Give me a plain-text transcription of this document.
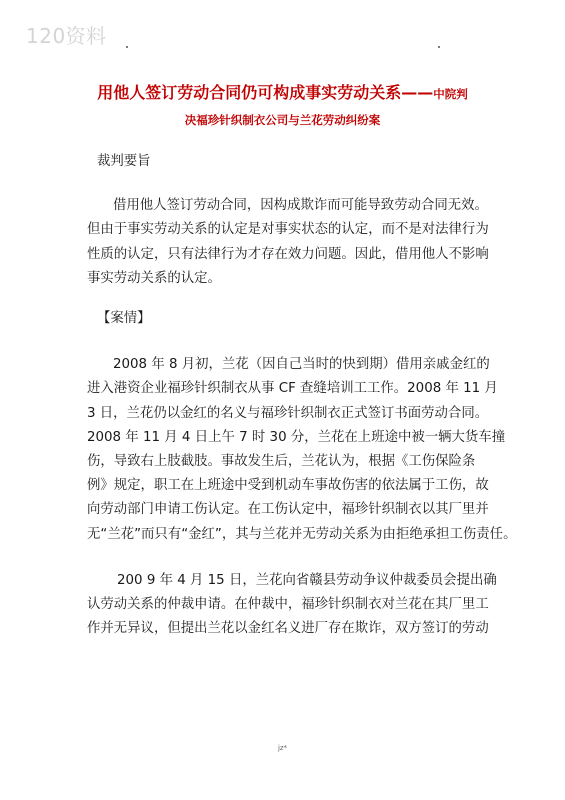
120资料
用他人签订劳动合同仍可构成事实劳动关系——中院判
决福珍针织制衣公司与兰花劳动纠纷案

裁判要旨

借用他人签订劳动合同，因构成欺诈而可能导致劳动合同无效。

但由于事实劳动关系的认定是对事实状态的认定，而不是对法律行为

性质的认定，只有法律行为才存在效力问题。因此，借用他人不影响

事实劳动关系的认定。

【案情】

2008 年 8 月初，兰花（因自己当时的快到期）借用亲戚金红的

进入港资企业福珍针织制衣从事 CF 查缝培训工工作。2008 年 11 月

3 日，兰花仍以金红的名义与福珍针织制衣正式签订书面劳动合同。

2008 年 11 月 4 日上午 7 时 30 分，兰花在上班途中被一辆大货车撞

伤，导致右上肢截肢。事故发生后，兰花认为，根据《工伤保险条

例》规定，职工在上班途中受到机动车事故伤害的依法属于工伤，故

向劳动部门申请工伤认定。在工伤认定中，福珍针织制衣以其厂里并

无“兰花”而只有“金红”，其与兰花并无劳动关系为由拒绝承担工伤责任。

200 9 年 4 月 15 日，兰花向省赣县劳动争议仲裁委员会提出确

认劳动关系的仲裁申请。在仲裁中，福珍针织制衣对兰花在其厂里工

作并无异议，但提出兰花以金红名义进厂存在欺诈，双方签订的劳动

jz*
